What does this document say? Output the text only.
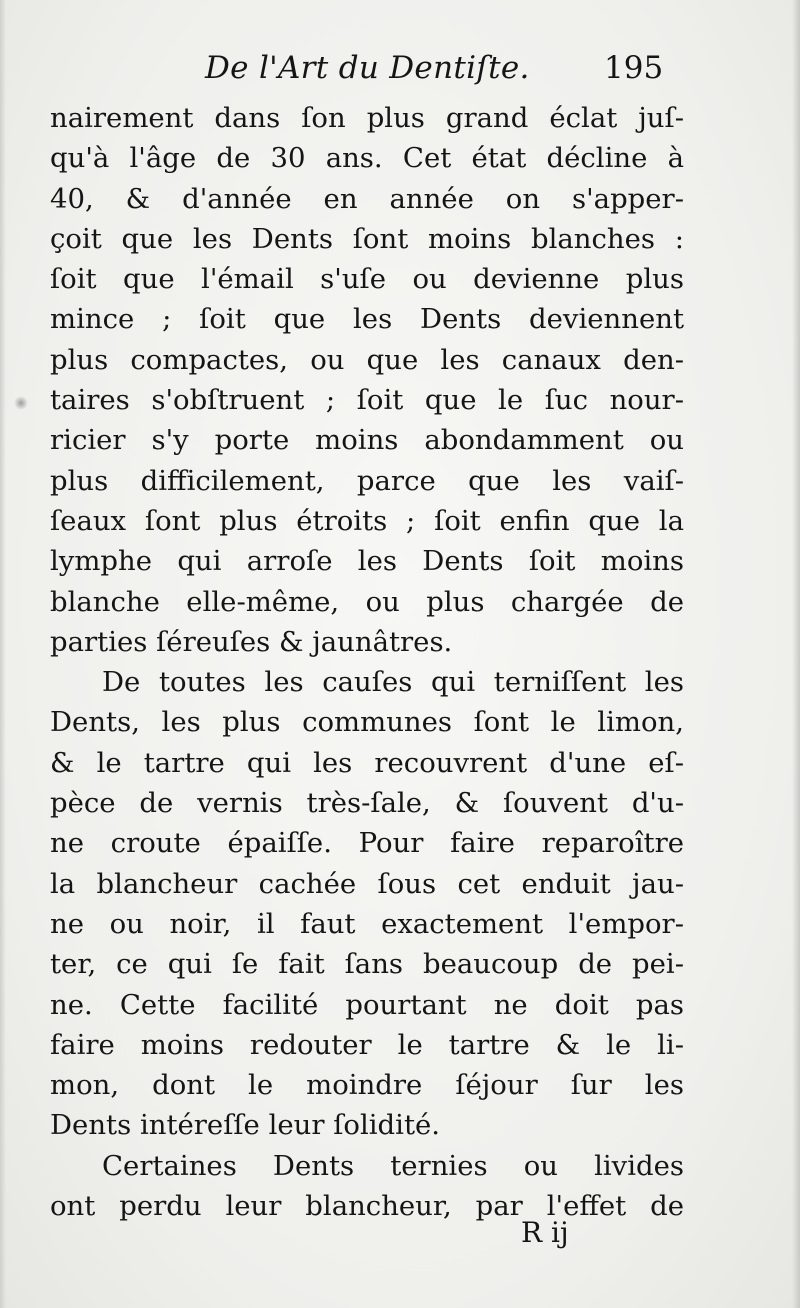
De l'Art du Dentiſte. 195
nairement dans ſon plus grand éclat juſ-
qu'à l'âge de 30 ans. Cet état décline à
40, & d'année en année on s'apper-
çoit que les Dents ſont moins blanches :
ſoit que l'émail s'uſe ou devienne plus
mince ; ſoit que les Dents deviennent
plus compactes, ou que les canaux den-
taires s'obſtruent ; ſoit que le ſuc nour-
ricier s'y porte moins abondamment ou
plus difficilement, parce que les vaiſ-
ſeaux ſont plus étroits ; ſoit enfin que la
lymphe qui arroſe les Dents ſoit moins
blanche elle-même, ou plus chargée de
parties ſéreuſes & jaunâtres.
De toutes les cauſes qui terniſſent les
Dents, les plus communes ſont le limon,
& le tartre qui les recouvrent d'une eſ-
pèce de vernis très-ſale, & ſouvent d'u-
ne croute épaiſſe. Pour faire reparoître
la blancheur cachée ſous cet enduit jau-
ne ou noir, il faut exactement l'empor-
ter, ce qui ſe fait ſans beaucoup de pei-
ne. Cette facilité pourtant ne doit pas
faire moins redouter le tartre & le li-
mon, dont le moindre ſéjour ſur les
Dents intéreſſe leur ſolidité.
Certaines Dents ternies ou livides
ont perdu leur blancheur, par l'effet de
R ij
